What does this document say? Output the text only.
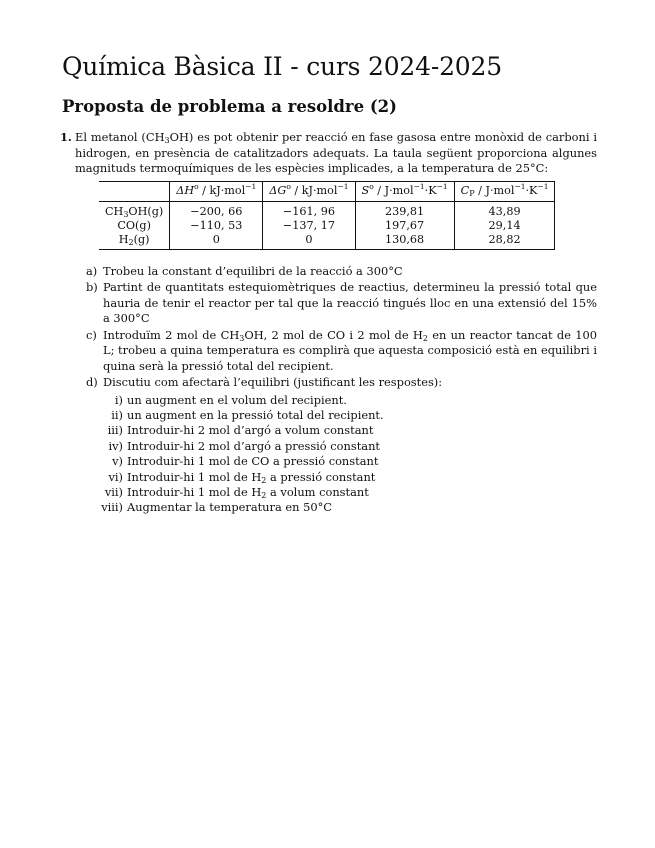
Química Bàsica II - curs 2024-2025
Proposta de problema a resoldre (2)
1. El metanol $(CH_3OH)$ es pot obtenir per reacció en fase gasosa entre monòxid de carboni i hidrogen, en presència de catalitzadors adequats. La taula següent proporciona algunes magnituds termoquímiques de les espècies implicades, a la temperatura de 25°C:
	$\Delta H^o / kJ\cdot mol^{-1}$	$\Delta G^o / kJ\cdot mol^{-1}$	$S^o / J\cdot mol^{-1}\cdot K^{-1}$	$C_P / J\cdot mol^{-1}\cdot K^{-1}$
$CH_3OH(g)$	−200, 66	−161, 96	239,81	43,89
CO(g)	−110, 53	−137, 17	197,67	29,14
$H_2(g)$	0	0	130,68	28,82
a) Trobeu la constant d’equilibri de la reacció a 300°C
b) Partint de quantitats estequiomètriques de reactius, determineu la pressió total que hauria de tenir el reactor per tal que la reacció tingués lloc en una extensió del 15% a 300°C
c) Introduïm 2 mol de $CH_3OH$, 2 mol de CO i 2 mol de $H_2$ en un reactor tancat de 100 L; trobeu a quina temperatura es complirà que aquesta composició està en equilibri i quina serà la pressió total del recipient.
d) Discutiu com afectarà l’equilibri (justificant les respostes):
i) un augment en el volum del recipient.
ii) un augment en la pressió total del recipient.
iii) Introduir-hi 2 mol d’argó a volum constant
iv) Introduir-hi 2 mol d’argó a pressió constant
v) Introduir-hi 1 mol de CO a pressió constant
vi) Introduir-hi 1 mol de $H_2$ a pressió constant
vii) Introduir-hi 1 mol de $H_2$ a volum constant
viii) Augmentar la temperatura en 50°C
